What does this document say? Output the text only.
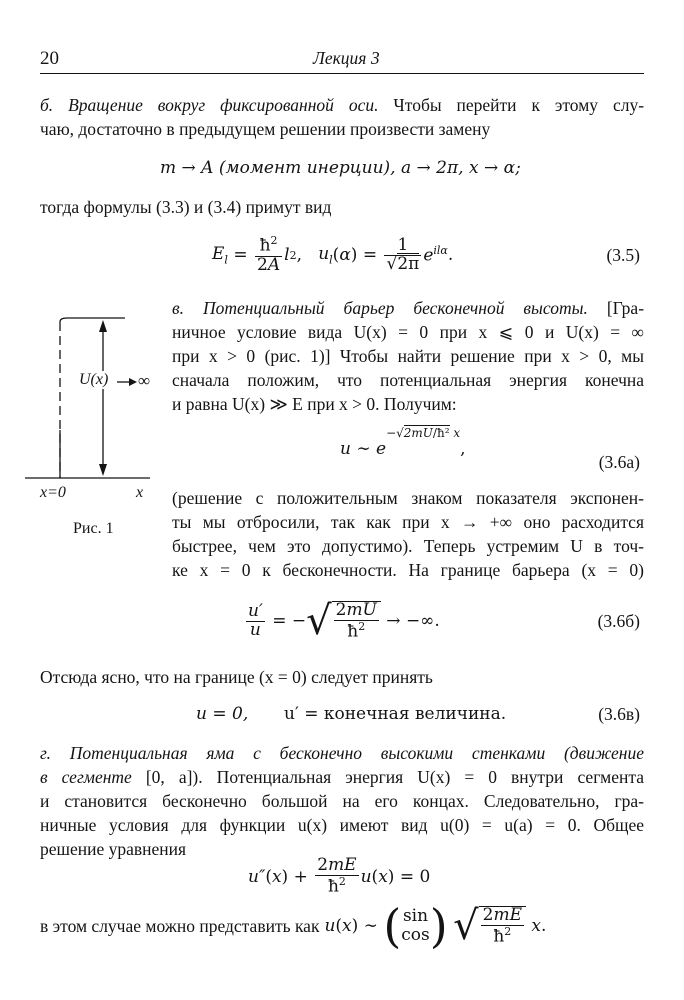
20	Лекция 3
б. Вращение вокруг фиксированной оси. Чтобы перейти к этому слу-
чаю, достаточно в предыдущем решении произвести замену
m → A (момент инерции), a → 2π, x → α;
тогда формулы (3.3) и (3.4) примут вид
$E_l = \frac{ħ^2}{2A}$ l 2 , $u_l$ ( α ) = $\frac{1}{√2\pi} e^{il\alpha}$ .	(3.5)
в. Потенциальный барьер бесконечной высоты. [Гра-
ничное условие вида U(x) = 0 при x ⩽ 0 и U(x) = ∞
при x > 0 (рис. 1)] Чтобы найти решение при x > 0, мы
сначала положим, что потенциальная энергия конечна
и равна U(x) ≫ E при x > 0. Получим:
u ∼ e
−√2mU/ħ² x
,
(3.6а)
U(x) ∞
x=0	x
Рис. 1
(решение с положительным знаком показателя экспонен-
ты мы отбросили, так как при x → +∞ оно расходится
быстрее, чем это допустимо). Теперь устремим U в точ-
ке x = 0 к бесконечности. На границе барьера (x = 0)
$\frac{u'}{u}$ = − √ $\frac{2mU}{ħ^2}$ → −∞.	(3.6б)
Отсюда ясно, что на границе (x = 0) следует принять
u = 0, u′ = конечная величина.	(3.6в)
г. Потенциальная яма с бесконечно высокими стенками (движение
в сегменте [0, a]). Потенциальная энергия U(x) = 0 внутри сегмента
и становится бесконечно большой на его концах. Следовательно, гра-
ничные условия для функции u(x) имеют вид u(0) = u(a) = 0. Общее
решение уравнения
u″ ( x ) + $\frac{2mE}{ħ^2}$ u ( x ) = 0
в этом случае можно представить как u ( x ) ∼ ( sin
cos )
√ $\frac{2mE}{ħ^2}$
x .
